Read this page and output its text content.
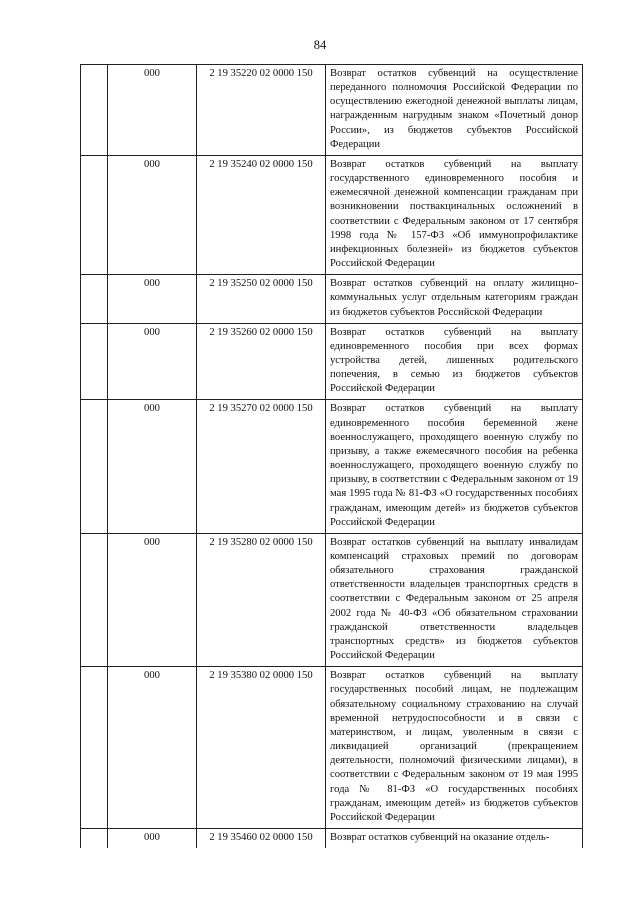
84
	000	2 19 35220 02 0000 150	Возврат остатков субвенций на осуществление переданного полномочия Российской Федерации по осуществлению ежегодной денежной выплаты лицам, награжденным нагрудным знаком «Почетный донор России», из бюджетов субъектов Российской Федерации
	000	2 19 35240 02 0000 150	Возврат остатков субвенций на выплату государственного единовременного пособия и ежемесячной денежной компенсации гражданам при возникновении поствакцинальных осложнений в соответствии с Федеральным законом от 17 сентября 1998 года № 157-ФЗ «Об иммунопрофилактике инфекционных болезней» из бюджетов субъектов Российской Федерации
	000	2 19 35250 02 0000 150	Возврат остатков субвенций на оплату жилищно-коммунальных услуг отдельным категориям граждан из бюджетов субъектов Российской Федерации
	000	2 19 35260 02 0000 150	Возврат остатков субвенций на выплату единовременного пособия при всех формах устройства детей, лишенных родительского попечения, в семью из бюджетов субъектов Российской Федерации
	000	2 19 35270 02 0000 150	Возврат остатков субвенций на выплату единовременного пособия беременной жене военнослужащего, проходящего военную службу по призыву, а также ежемесячного пособия на ребенка военнослужащего, проходящего военную службу по призыву, в соответствии с Федеральным законом от 19 мая 1995 года № 81-ФЗ «О государственных пособиях гражданам, имеющим детей» из бюджетов субъектов Российской Федерации
	000	2 19 35280 02 0000 150	Возврат остатков субвенций на выплату инвалидам компенсаций страховых премий по договорам обязательного страхования гражданской ответственности владельцев транспортных средств в соответствии с Федеральным законом от 25 апреля 2002 года № 40-ФЗ «Об обязательном страховании гражданской ответственности владельцев транспортных средств» из бюджетов субъектов Российской Федерации
	000	2 19 35380 02 0000 150	Возврат остатков субвенций на выплату государственных пособий лицам, не подлежащим обязательному социальному страхованию на случай временной нетрудоспособности и в связи с материнством, и лицам, уволенным в связи с ликвидацией организаций (прекращением деятельности, полномочий физическими лицами), в соответствии с Федеральным законом от 19 мая 1995 года № 81-ФЗ «О государственных пособиях гражданам, имеющим детей» из бюджетов субъектов Российской Федерации
	000	2 19 35460 02 0000 150	Возврат остатков субвенций на оказание отдель-
